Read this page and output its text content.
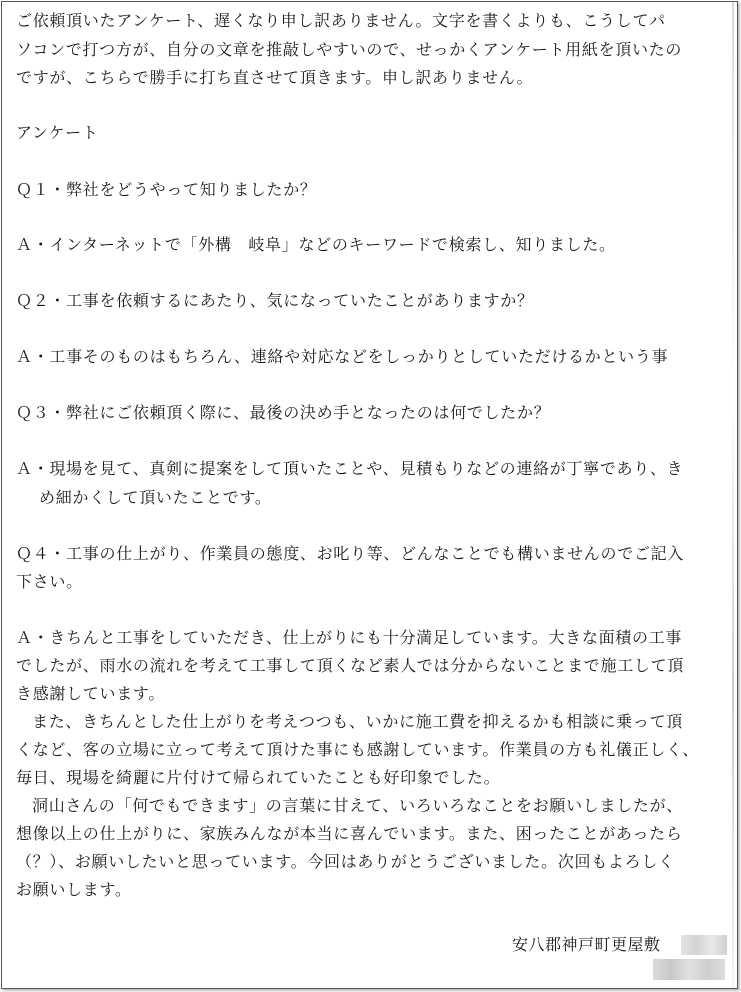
ご依頼頂いたアンケート、遅くなり申し訳ありません。文字を書くよりも、こうしてパ
ソコンで打つ方が、自分の文章を推敲しやすいので、せっかくアンケート用紙を頂いたの
ですが、こちらで勝手に打ち直させて頂きます。申し訳ありません。
アンケート
Ｑ１・弊社をどうやって知りましたか？
Ａ・インターネットで「外構　岐阜」などのキーワードで検索し、知りました。
Ｑ２・工事を依頼するにあたり、気になっていたことがありますか？
Ａ・工事そのものはもちろん、連絡や対応などをしっかりとしていただけるかという事
Ｑ３・弊社にご依頼頂く際に、最後の決め手となったのは何でしたか？
Ａ・現場を見て、真剣に提案をして頂いたことや、見積もりなどの連絡が丁寧であり、き
め細かくして頂いたことです。
Ｑ４・工事の仕上がり、作業員の態度、お叱り等、どんなことでも構いませんのでご記入
下さい。
Ａ・きちんと工事をしていただき、仕上がりにも十分満足しています。大きな面積の工事
でしたが、雨水の流れを考えて工事して頂くなど素人では分からないことまで施工して頂
き感謝しています。
また、きちんとした仕上がりを考えつつも、いかに施工費を抑えるかも相談に乗って頂
くなど、客の立場に立って考えて頂けた事にも感謝しています。作業員の方も礼儀正しく、
毎日、現場を綺麗に片付けて帰られていたことも好印象でした。
洞山さんの「何でもできます」の言葉に甘えて、いろいろなことをお願いしましたが、
想像以上の仕上がりに、家族みんなが本当に喜んでいます。また、困ったことがあったら
（？）、お願いしたいと思っています。今回はありがとうございました。次回もよろしく
お願いします。
安八郡神戸町更屋敷
